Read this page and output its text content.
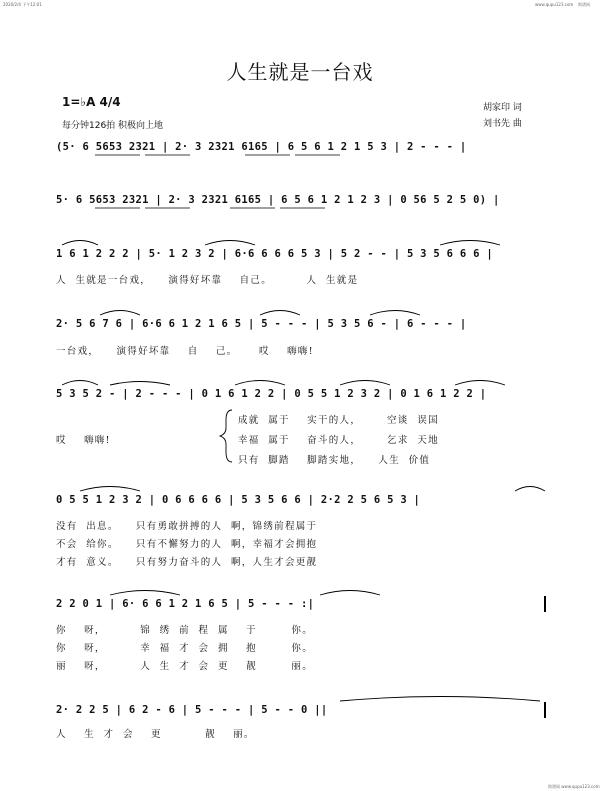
2020/2/4 下午12:01	www.qupu123.com 简谱网
人生就是一台戏
1=♭A 4/4
每分钟126拍 积极向上地
胡家印 词
刘书先 曲
(5· 6 5653 2321 | 2· 3 2321 6165 | 6 5 6 1 2 1 5 3 | 2 - - - |
5· 6 5653 2321 | 2· 3 2321 6165 | 6 5 6 1 2 1 2 3 | 0 56 5 2 5 0) |
1 6 1 2 2 2 | 5· 1 2 3 2 | 6·6 6 6 6 5 3 | 5 2 - - | 5 3 5 6 6 6 |
人  生就是一台戏，    演得好坏靠    自己。        人  生就是
2· 5 6 7 6 | 6·6 6 1 2 1 6 5 | 5 - - - | 5 3 5 6 - | 6 - - - |
一台戏，    演得好坏靠    自    己。     哎    嗨嗨!
5 3 5 2 - | 2 - - - | 0 1 6 1 2 2 | 0 5 5 1 2 3 2 | 0 1 6 1 2 2 |
哎    嗨嗨!
成就  属于    实干的人，      空谈  误国
幸福  属于    奋斗的人，      乞求  天地
只有  脚踏    脚踏实地，    人生  价值
0 5 5 1 2 3 2 | 0 6 6 6 6 | 5 3 5 6 6 | 2·2 2 5 6 5 3 |
没有  出息。    只有勇敢拼搏的人  啊，锦绣前程属于
不会  给你。    只有不懈努力的人  啊，幸福才会拥抱
才有  意义。    只有努力奋斗的人  啊，人生才会更靓
2 2 0 1 | 6· 6 6 1 2 1 6 5 | 5 - - - :|
你    呀，        锦  绣  前  程  属    于        你。
你    呀，        幸  福  才  会  拥    抱        你。
丽    呀，        人  生  才  会  更    靓        丽。
2· 2 2 5 | 6 2 - 6 | 5 - - - | 5 - - 0 ||
人    生  才  会    更          靓    丽。
简谱网 www.qupu123.com
